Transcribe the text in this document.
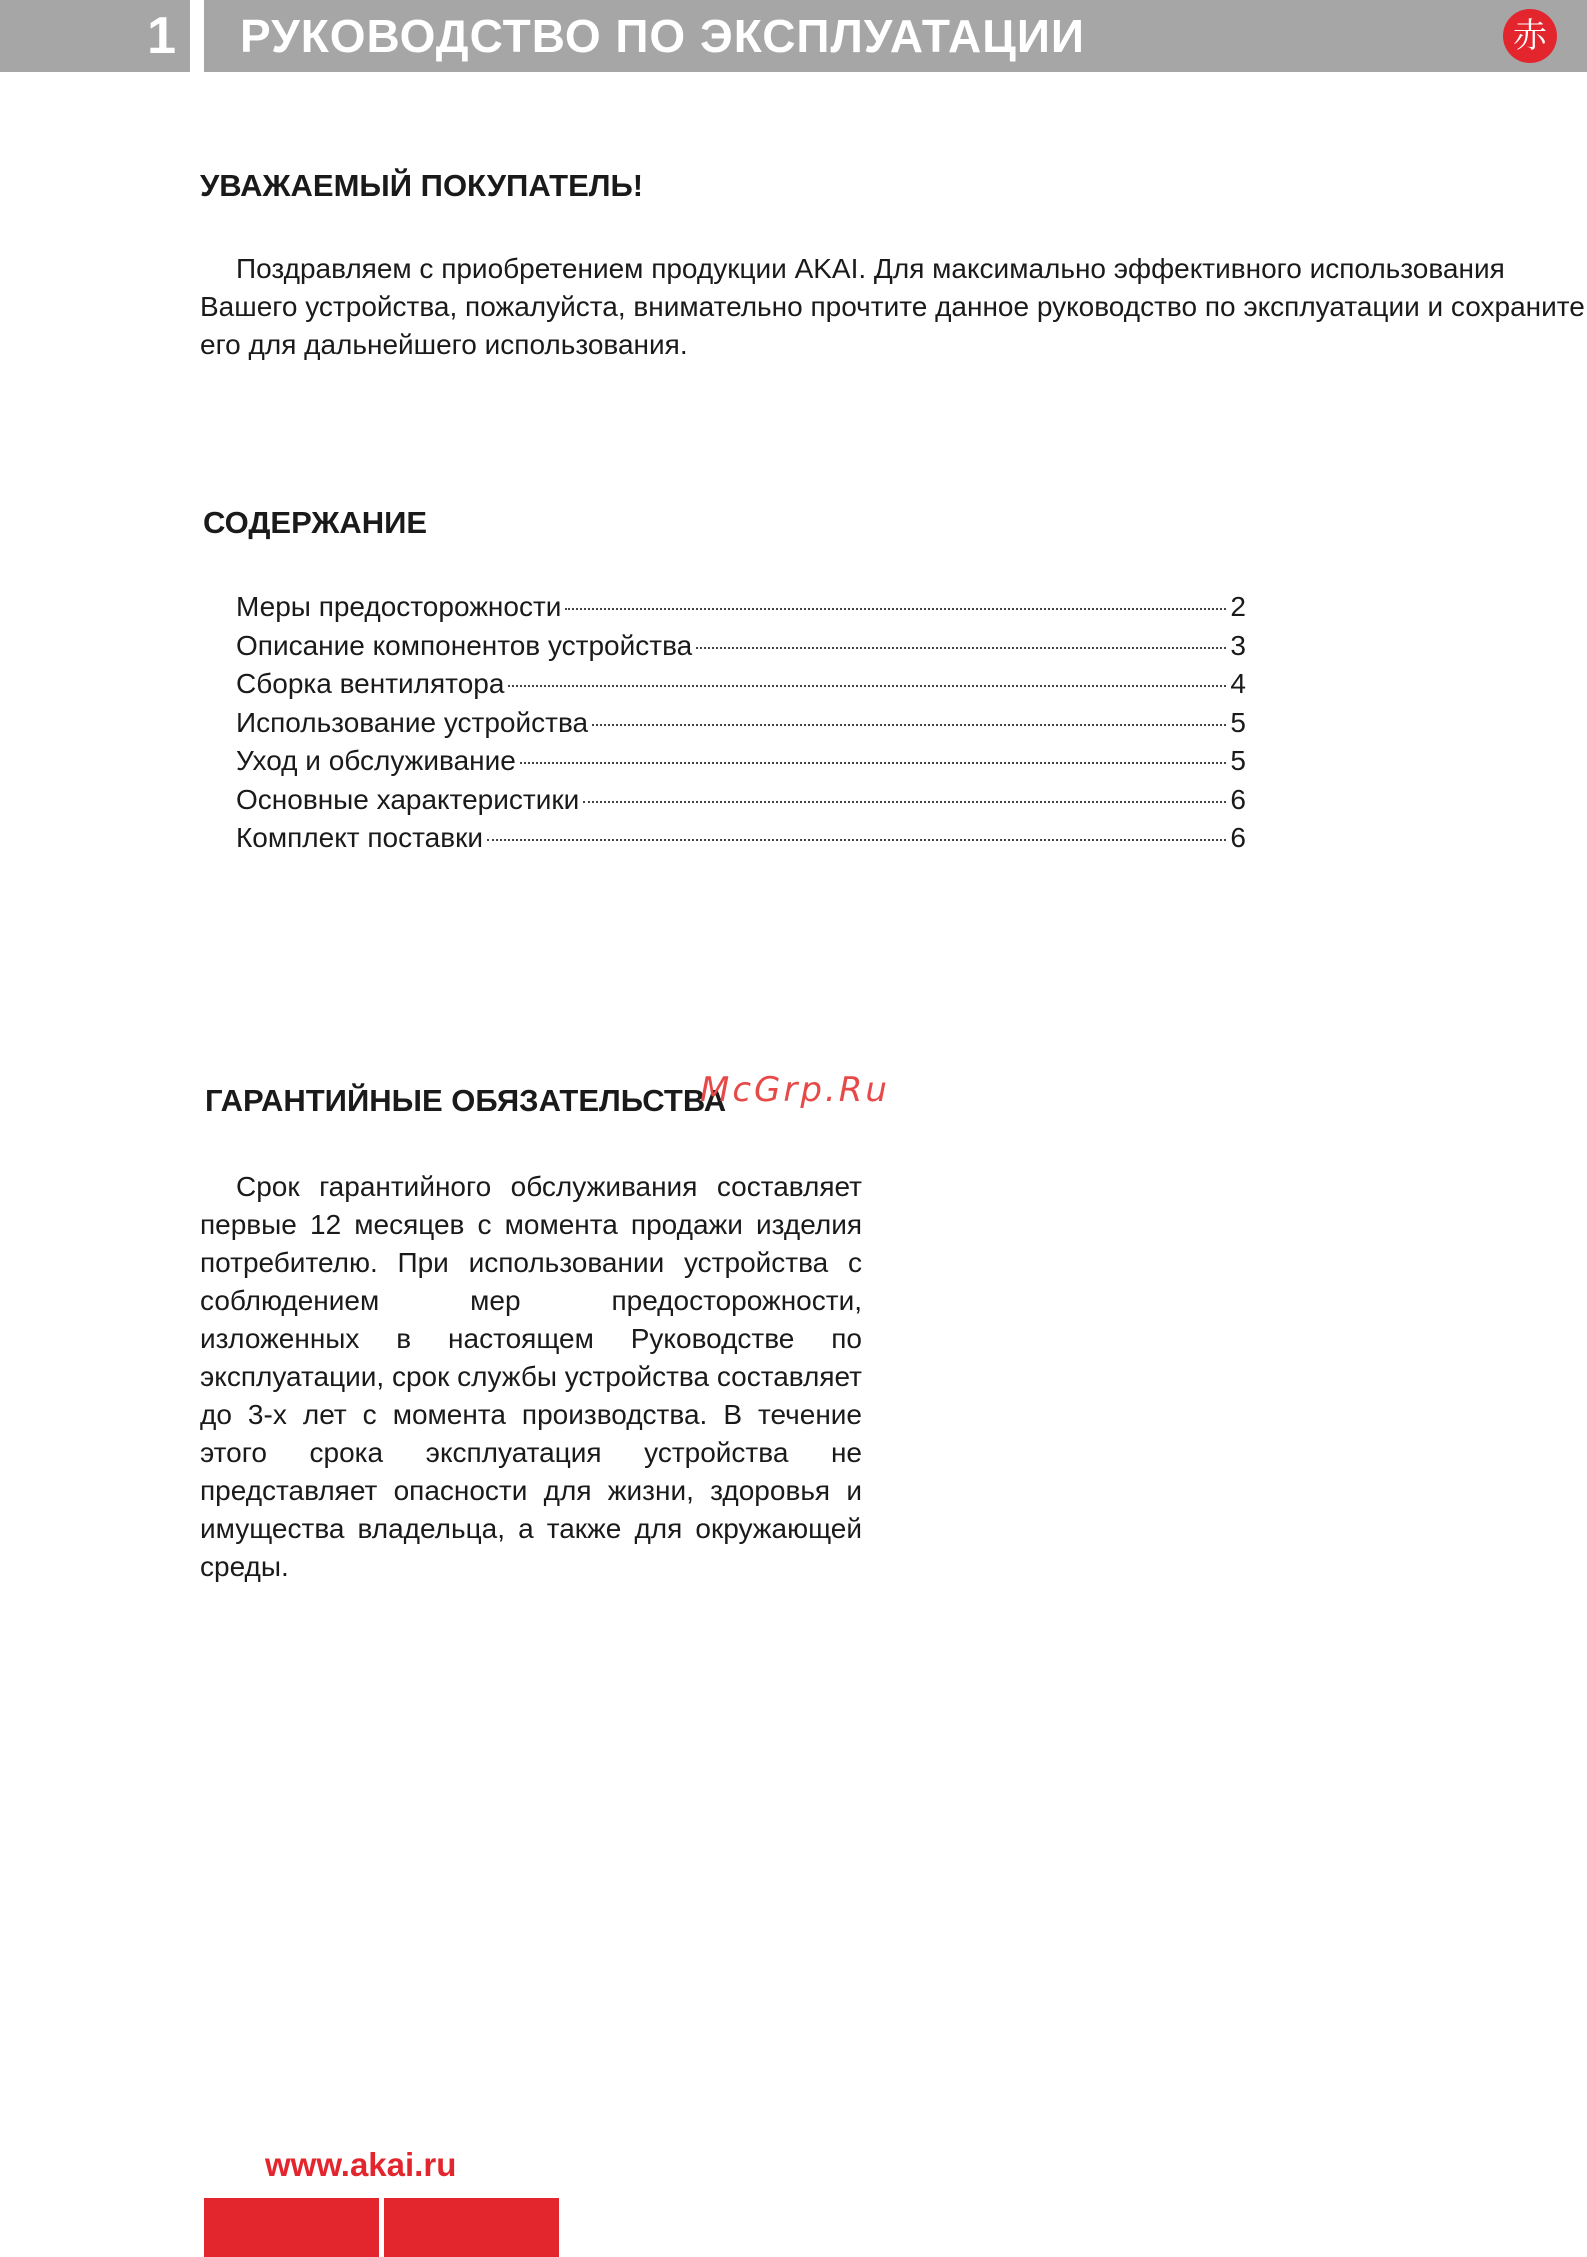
1	РУКОВОДСТВО ПО ЭКСПЛУАТАЦИИ	赤
УВАЖАЕМЫЙ ПОКУПАТЕЛЬ!

Поздравляем с приобретением продукции AKAI. Для максимально эффективного использования Вашего устройства, пожалуйста, внимательно прочтите данное руководство по эксплуатации и сохраните его для дальнейшего использования.

СОДЕРЖАНИЕ
Меры предосторожности	2
Описание компонентов устройства	3
Сборка вентилятора	4
Использование устройства	5
Уход и обслуживание	5
Основные характеристики	6
Комплект поставки	6
ГАРАНТИЙНЫЕ ОБЯЗАТЕЛЬСТВА
McGrp.Ru

Срок гарантийного обслуживания составляет первые 12 месяцев с момента продажи изделия потребителю. При использовании устройства с соблюдением мер предосторожности, изложенных в настоящем Руководстве по эксплуатации, срок службы устройства составляет до 3-х лет с момента производства. В течение этого срока эксплуатация устройства не представляет опасности для жизни, здоровья и имущества владельца, а также для окружающей среды.

www.akai.ru
